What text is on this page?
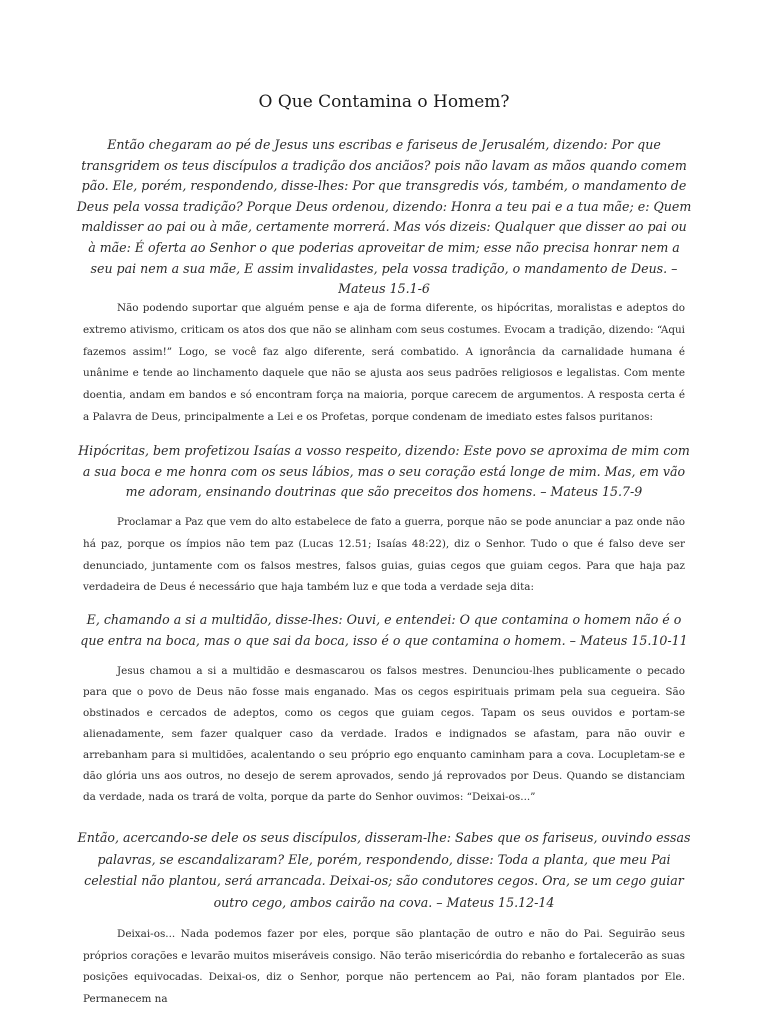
O Que Contamina o Homem?

Então chegaram ao pé de Jesus uns escribas e fariseus de Jerusalém, dizendo: Por que transgridem os teus discípulos a tradição dos anciãos? pois não lavam as mãos quando comem pão. Ele, porém, respondendo, disse-lhes: Por que transgredis vós, também, o mandamento de Deus pela vossa tradição? Porque Deus ordenou, dizendo: Honra a teu pai e a tua mãe; e: Quem maldisser ao pai ou à mãe, certamente morrerá. Mas vós dizeis: Qualquer que disser ao pai ou à mãe: É oferta ao Senhor o que poderias aproveitar de mim; esse não precisa honrar nem a seu pai nem a sua mãe, E assim invalidastes, pela vossa tradição, o mandamento de Deus. – Mateus 15.1-6

Não podendo suportar que alguém pense e aja de forma diferente, os hipócritas, moralistas e adeptos do extremo ativismo, criticam os atos dos que não se alinham com seus costumes. Evocam a tradição, dizendo: “Aqui fazemos assim!” Logo, se você faz algo diferente, será combatido. A ignorância da carnalidade humana é unânime e tende ao linchamento daquele que não se ajusta aos seus padrões religiosos e legalistas. Com mente doentia, andam em bandos e só encontram força na maioria, porque carecem de argumentos. A resposta certa é a Palavra de Deus, principalmente a Lei e os Profetas, porque condenam de imediato estes falsos puritanos:

Hipócritas, bem profetizou Isaías a vosso respeito, dizendo: Este povo se aproxima de mim com a sua boca e me honra com os seus lábios, mas o seu coração está longe de mim. Mas, em vão me adoram, ensinando doutrinas que são preceitos dos homens. – Mateus 15.7-9

Proclamar a Paz que vem do alto estabelece de fato a guerra, porque não se pode anunciar a paz onde não há paz, porque os ímpios não tem paz (Lucas 12.51; Isaías 48:22), diz o Senhor. Tudo o que é falso deve ser denunciado, juntamente com os falsos mestres, falsos guias, guias cegos que guiam cegos. Para que haja paz verdadeira de Deus é necessário que haja também luz e que toda a verdade seja dita:

E, chamando a si a multidão, disse-lhes: Ouvi, e entendei: O que contamina o homem não é o que entra na boca, mas o que sai da boca, isso é o que contamina o homem. – Mateus 15.10-11

Jesus chamou a si a multidão e desmascarou os falsos mestres. Denunciou-lhes publicamente o pecado para que o povo de Deus não fosse mais enganado. Mas os cegos espirituais primam pela sua cegueira. São obstinados e cercados de adeptos, como os cegos que guiam cegos. Tapam os seus ouvidos e portam-se alienadamente, sem fazer qualquer caso da verdade. Irados e indignados se afastam, para não ouvir e arrebanham para si multidões, acalentando o seu próprio ego enquanto caminham para a cova. Locupletam-se e dão glória uns aos outros, no desejo de serem aprovados, sendo já reprovados por Deus. Quando se distanciam da verdade, nada os trará de volta, porque da parte do Senhor ouvimos: “Deixai-os...”

Então, acercando-se dele os seus discípulos, disseram-lhe: Sabes que os fariseus, ouvindo essas palavras, se escandalizaram? Ele, porém, respondendo, disse: Toda a planta, que meu Pai celestial não plantou, será arrancada. Deixai-os; são condutores cegos. Ora, se um cego guiar outro cego, ambos cairão na cova. – Mateus 15.12-14

Deixai-os... Nada podemos fazer por eles, porque são plantação de outro e não do Pai. Seguirão seus próprios corações e levarão muitos miseráveis consigo. Não terão misericórdia do rebanho e fortalecerão as suas posições equivocadas. Deixai-os, diz o Senhor, porque não pertencem ao Pai, não foram plantados por Ele. Permanecem na
